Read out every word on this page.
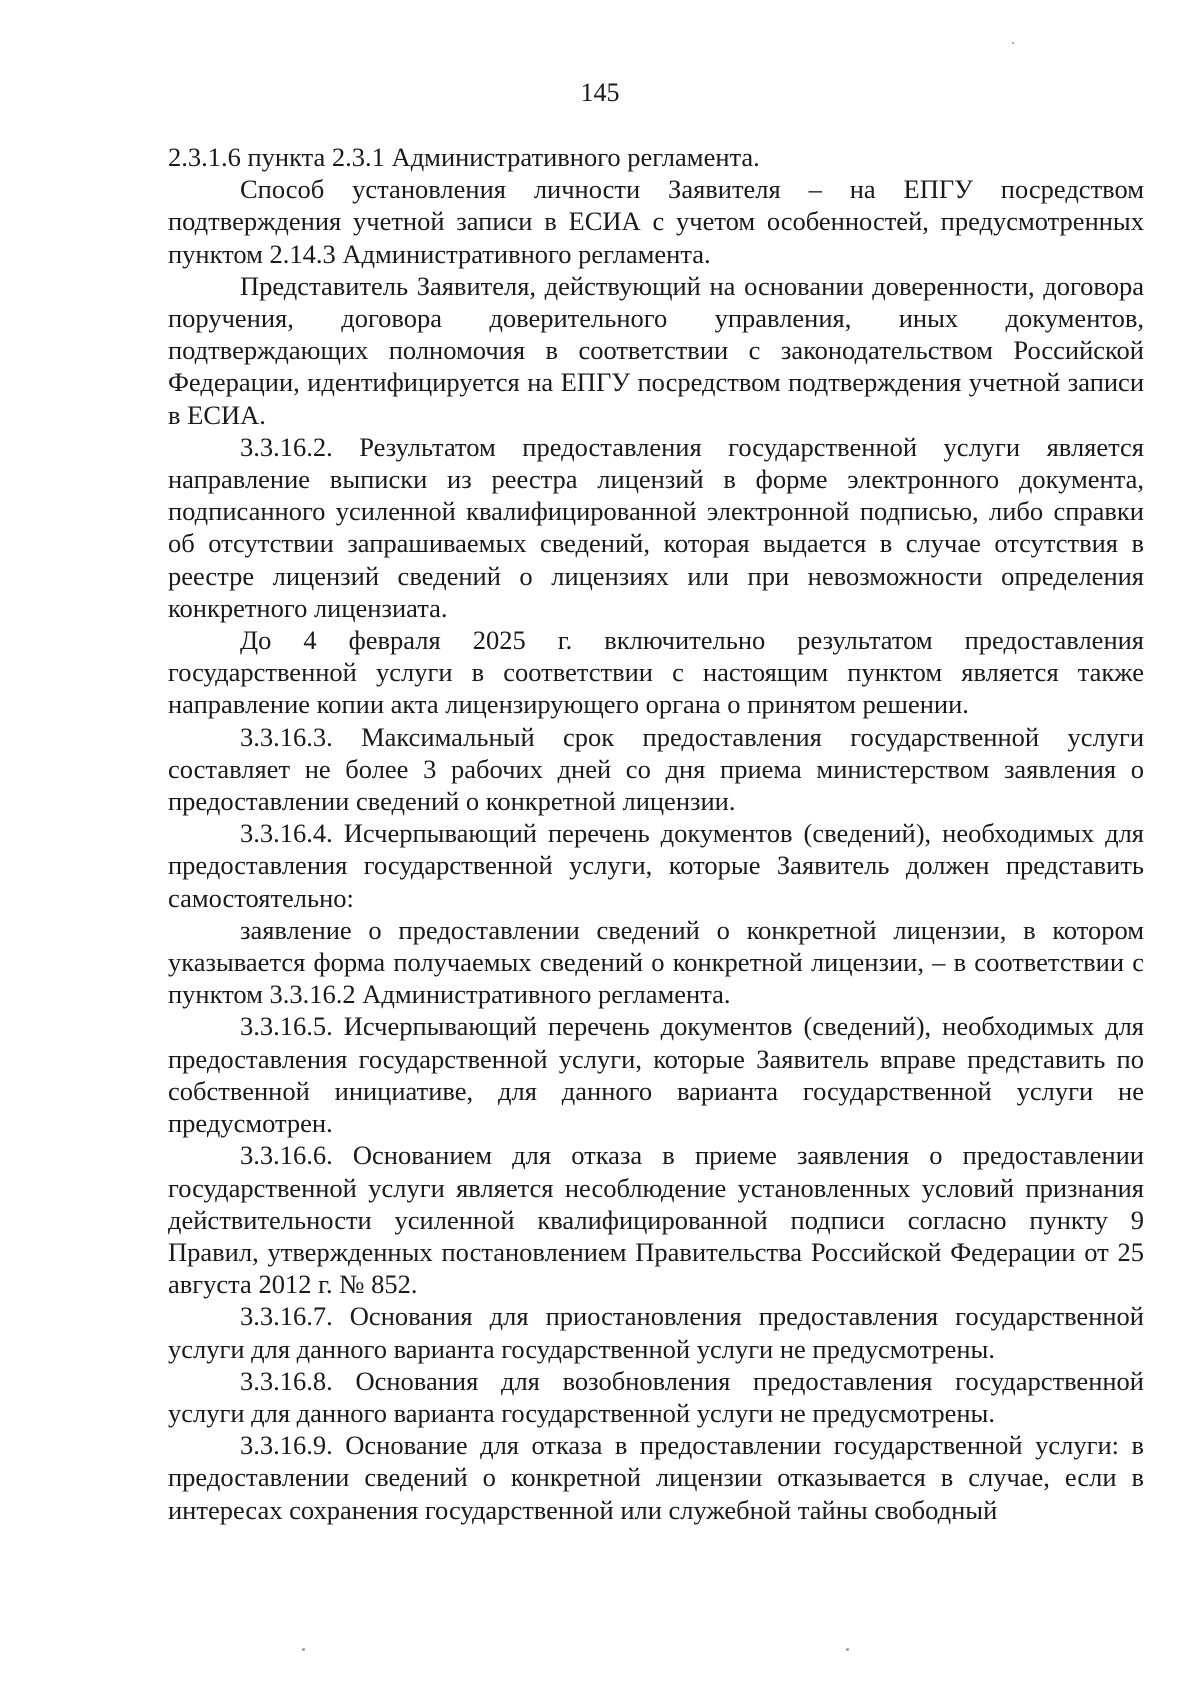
145

2.3.1.6 пункта 2.3.1 Административного регламента.

Способ установления личности Заявителя – на ЕПГУ посредством подтверждения учетной записи в ЕСИА с учетом особенностей, предусмотренных пунктом 2.14.3 Административного регламента.

Представитель Заявителя, действующий на основании доверенности, договора поручения, договора доверительного управления, иных документов, подтверждающих полномочия в соответствии с законодательством Российской Федерации, идентифицируется на ЕПГУ посредством подтверждения учетной записи в ЕСИА.

3.3.16.2. Результатом предоставления государственной услуги является направление выписки из реестра лицензий в форме электронного документа, подписанного усиленной квалифицированной электронной подписью, либо справки об отсутствии запрашиваемых сведений, которая выдается в случае отсутствия в реестре лицензий сведений о лицензиях или при невозможности определения конкретного лицензиата.

До 4 февраля 2025 г. включительно результатом предоставления государственной услуги в соответствии с настоящим пунктом является также направление копии акта лицензирующего органа о принятом решении.

3.3.16.3. Максимальный срок предоставления государственной услуги составляет не более 3 рабочих дней со дня приема министерством заявления о предоставлении сведений о конкретной лицензии.

3.3.16.4. Исчерпывающий перечень документов (сведений), необходимых для предоставления государственной услуги, которые Заявитель должен представить самостоятельно:

заявление о предоставлении сведений о конкретной лицензии, в котором указывается форма получаемых сведений о конкретной лицензии, – в соответствии с пунктом 3.3.16.2 Административного регламента.

3.3.16.5. Исчерпывающий перечень документов (сведений), необходимых для предоставления государственной услуги, которые Заявитель вправе представить по собственной инициативе, для данного варианта государственной услуги не предусмотрен.

3.3.16.6. Основанием для отказа в приеме заявления о предоставлении государственной услуги является несоблюдение установленных условий признания действительности усиленной квалифицированной подписи согласно пункту 9 Правил, утвержденных постановлением Правительства Российской Федерации от 25 августа 2012 г. № 852.

3.3.16.7. Основания для приостановления предоставления государственной услуги для данного варианта государственной услуги не предусмотрены.

3.3.16.8. Основания для возобновления предоставления государственной услуги для данного варианта государственной услуги не предусмотрены.

3.3.16.9. Основание для отказа в предоставлении государственной услуги: в предоставлении сведений о конкретной лицензии отказывается в случае, если в интересах сохранения государственной или служебной тайны свободный
